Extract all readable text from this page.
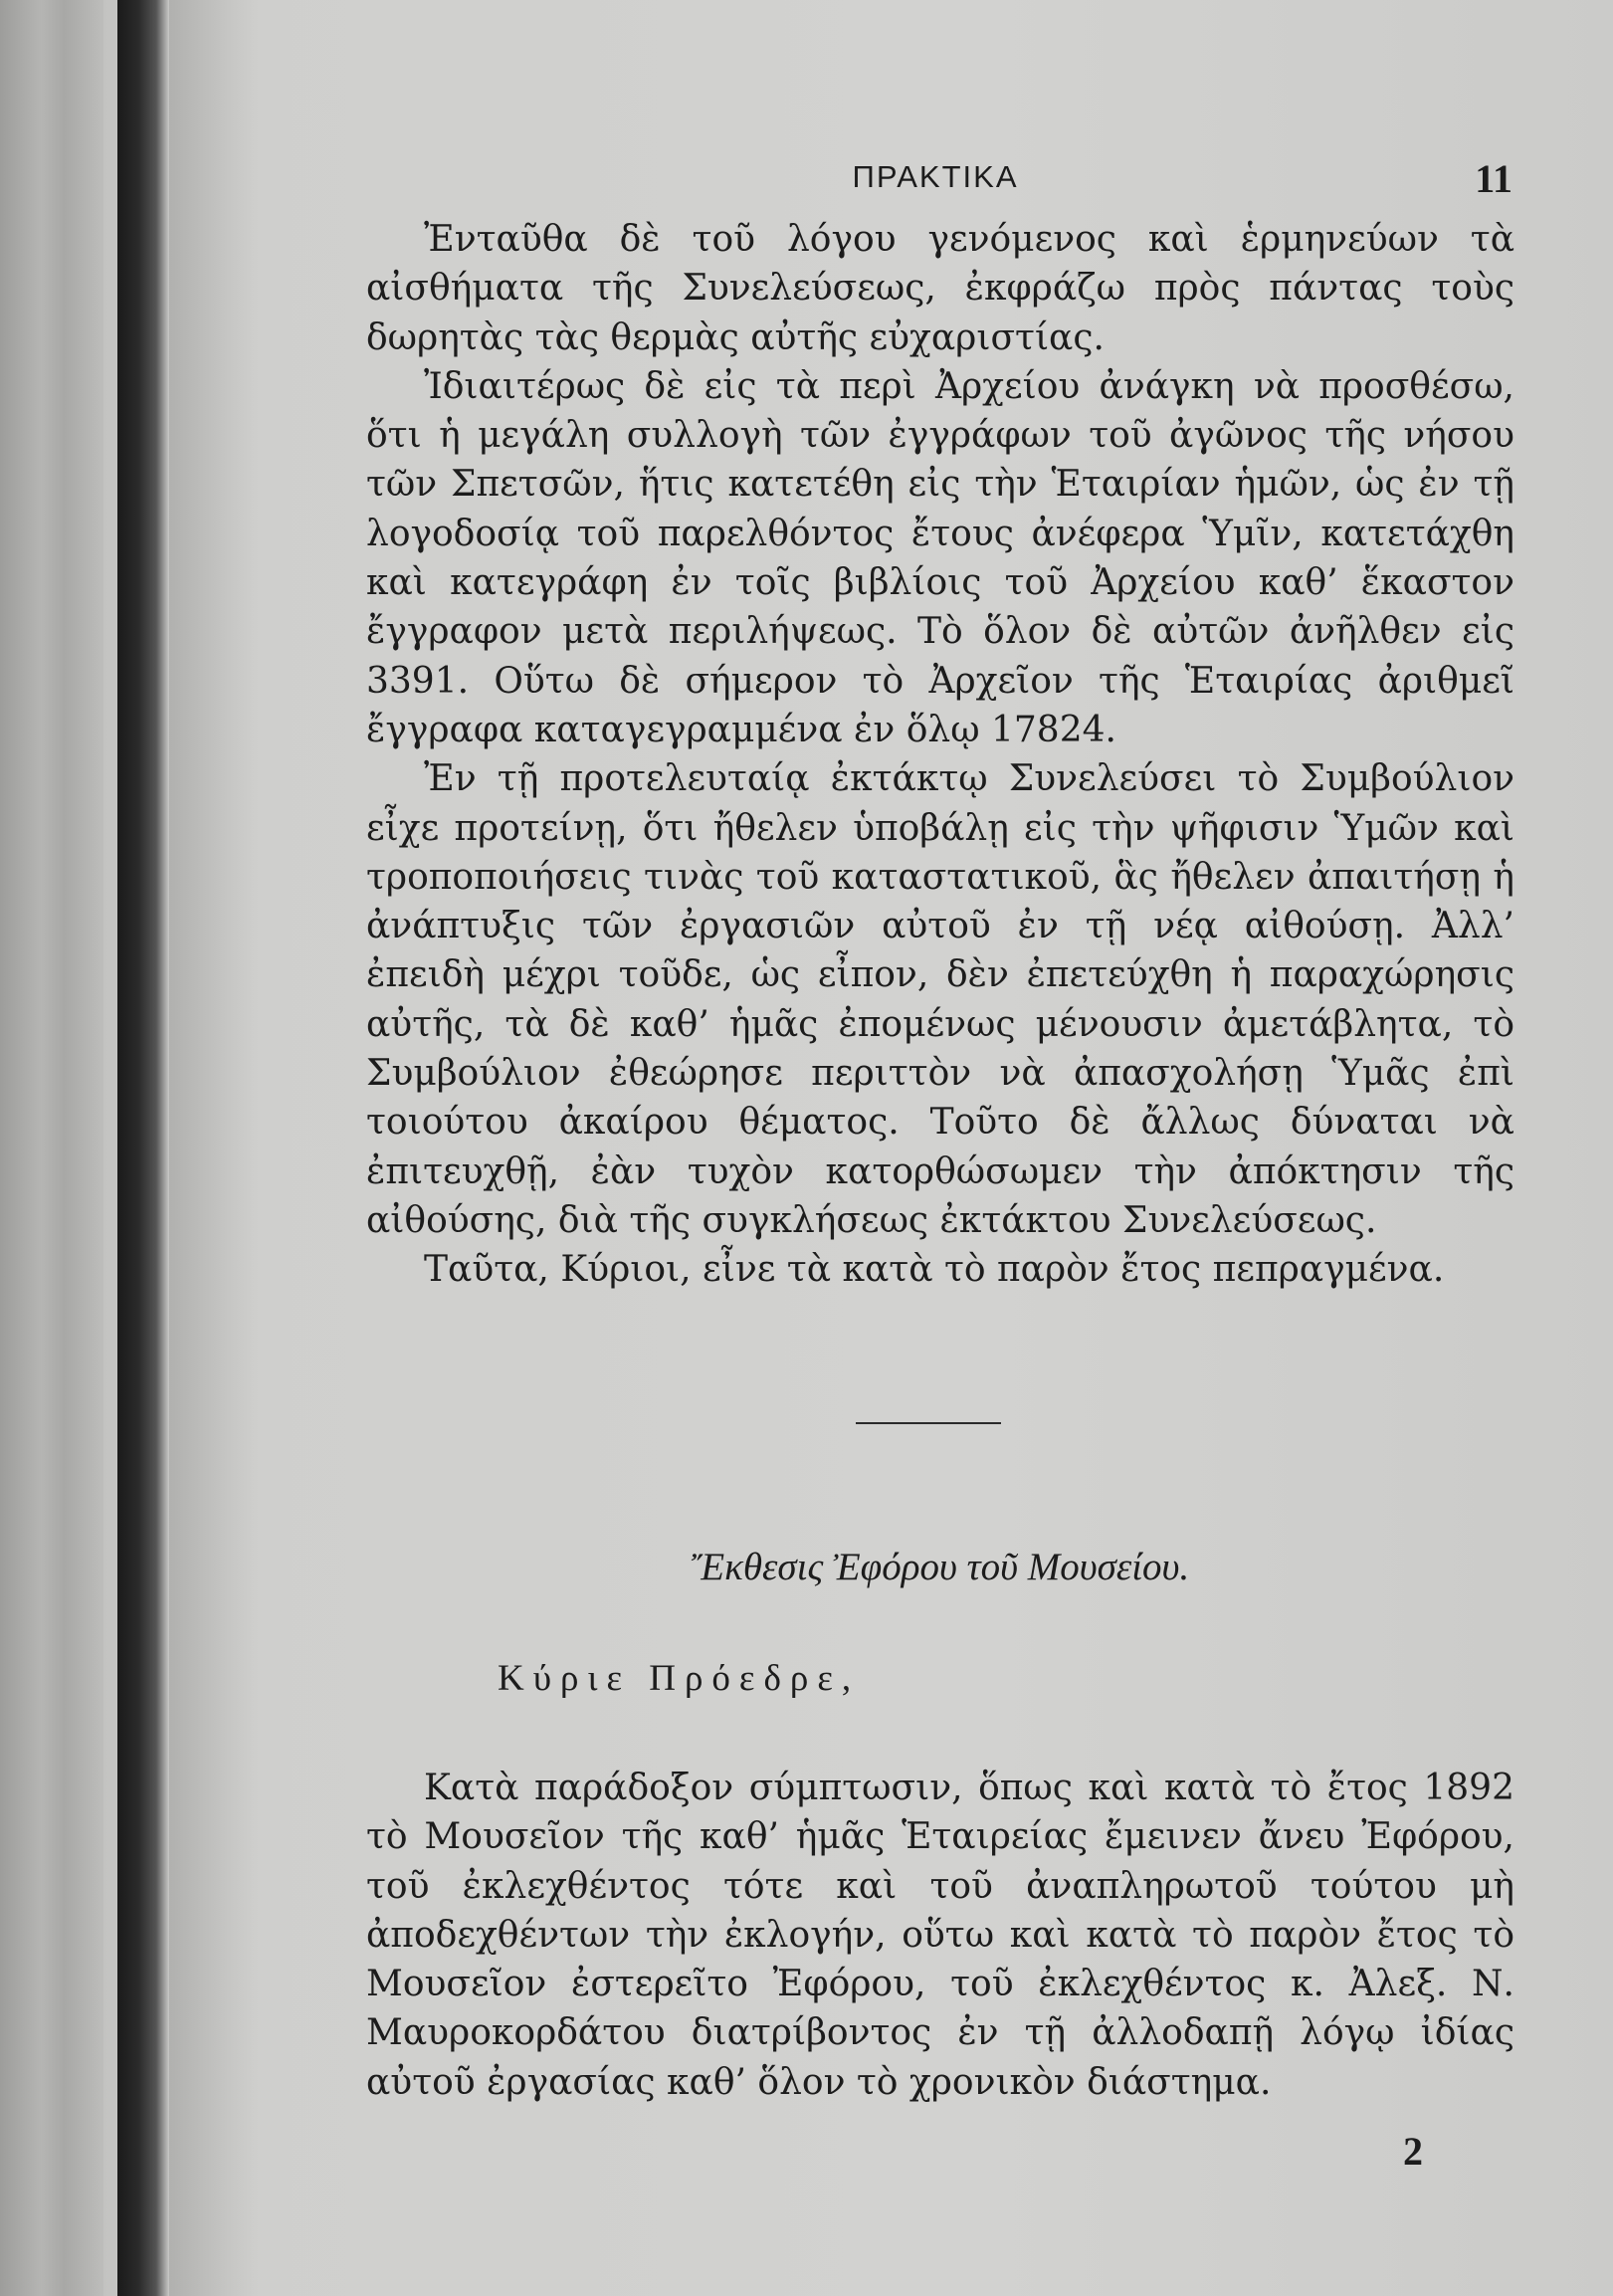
ΠΡΑΚΤΙΚΑ	11

Ἐνταῦθα δὲ τοῦ λόγου γενόμενος καὶ ἑρμηνεύων τὰ αἰσθήματα τῆς Συνελεύσεως, ἐκφράζω πρὸς πάντας τοὺς δωρητὰς τὰς θερμὰς αὐτῆς εὐχαριστίας.

Ἰδιαιτέρως δὲ εἰς τὰ περὶ Ἀρχείου ἀνάγκη νὰ προσθέσω, ὅτι ἡ μεγάλη συλλογὴ τῶν ἐγγράφων τοῦ ἀγῶνος τῆς νήσου τῶν Σπετσῶν, ἥτις κατετέθη εἰς τὴν Ἑταιρίαν ἡμῶν, ὡς ἐν τῇ λογοδοσίᾳ τοῦ παρελθόντος ἔτους ἀνέφερα Ὑμῖν, κατετάχθη καὶ κατεγράφη ἐν τοῖς βιβλίοις τοῦ Ἀρχείου καθ’ ἕκαστον ἔγγραφον μετὰ περιλήψεως. Τὸ ὅλον δὲ αὐτῶν ἀνῆλθεν εἰς 3391. Οὕτω δὲ σήμερον τὸ Ἀρχεῖον τῆς Ἑταιρίας ἀριθμεῖ ἔγγραφα καταγεγραμμένα ἐν ὅλῳ 17824.

Ἐν τῇ προτελευταίᾳ ἐκτάκτῳ Συνελεύσει τὸ Συμβούλιον εἶχε προτείνῃ, ὅτι ἤθελεν ὑποβάλῃ εἰς τὴν ψῆφισιν Ὑμῶν καὶ τροποποιήσεις τινὰς τοῦ καταστατικοῦ, ἃς ἤθελεν ἀπαιτήσῃ ἡ ἀνάπτυξις τῶν ἐργασιῶν αὐτοῦ ἐν τῇ νέᾳ αἰθούσῃ. Ἀλλ’ ἐπειδὴ μέχρι τοῦδε, ὡς εἶπον, δὲν ἐπετεύχθη ἡ παραχώρησις αὐτῆς, τὰ δὲ καθ’ ἡμᾶς ἐπομένως μένουσιν ἀμετάβλητα, τὸ Συμβούλιον ἐθεώρησε περιττὸν νὰ ἀπασχολήσῃ Ὑμᾶς ἐπὶ τοιούτου ἀκαίρου θέματος. Τοῦτο δὲ ἄλλως δύναται νὰ ἐπιτευχθῇ, ἐὰν τυχὸν κατορθώσωμεν τὴν ἀπόκτησιν τῆς αἰθούσης, διὰ τῆς συγκλήσεως ἐκτάκτου Συνελεύσεως.

Ταῦτα, Κύριοι, εἶνε τὰ κατὰ τὸ παρὸν ἔτος πεπραγμένα.

Ἔκθεσις Ἐφόρου τοῦ Μουσείου.
Κύριε Πρόεδρε,

Κατὰ παράδοξον σύμπτωσιν, ὅπως καὶ κατὰ τὸ ἔτος 1892 τὸ Μουσεῖον τῆς καθ’ ἡμᾶς Ἑταιρείας ἔμεινεν ἄνευ Ἐφόρου, τοῦ ἐκλεχθέντος τότε καὶ τοῦ ἀναπληρωτοῦ τούτου μὴ ἀποδεχθέντων τὴν ἐκλογήν, οὕτω καὶ κατὰ τὸ παρὸν ἔτος τὸ Μουσεῖον ἐστερεῖτο Ἐφόρου, τοῦ ἐκλεχθέντος κ. Ἀλεξ. Ν. Μαυροκορδάτου διατρίβοντος ἐν τῇ ἀλλοδαπῇ λόγῳ ἰδίας αὐτοῦ ἐργασίας καθ’ ὅλον τὸ χρονικὸν διάστημα.

2
